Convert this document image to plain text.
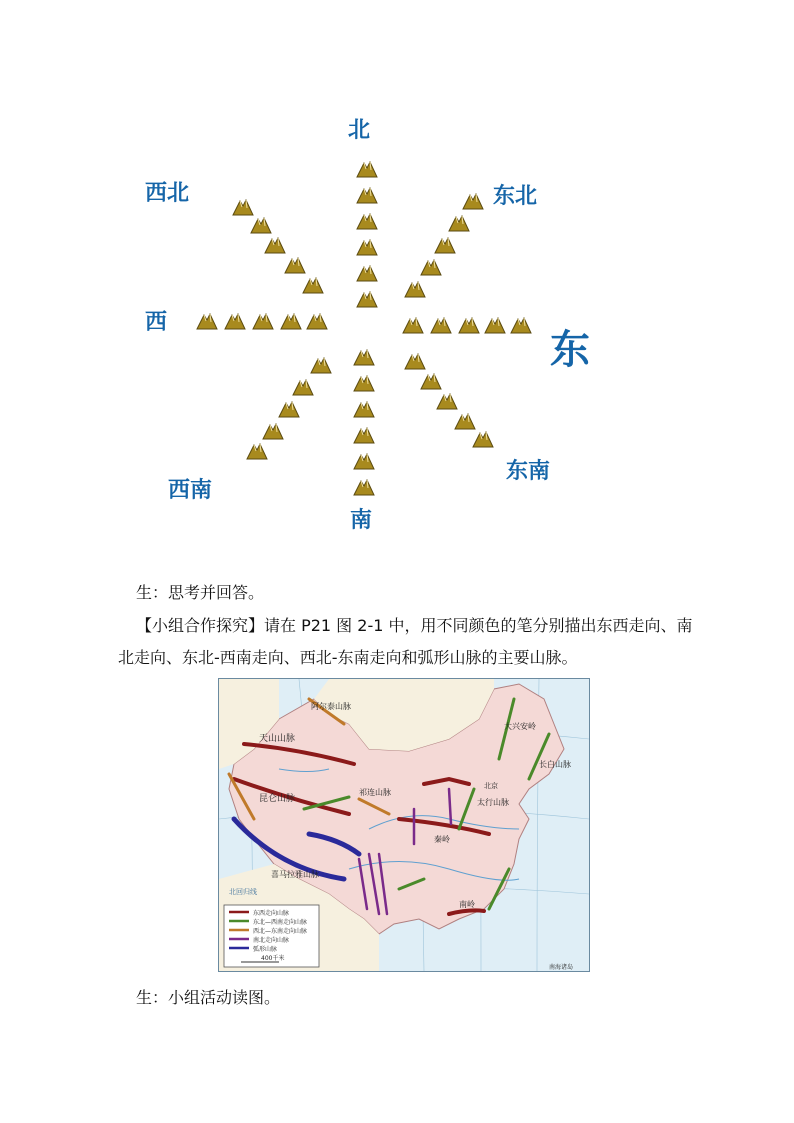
北
西北	东北
西
东
东南
西南
南
生：思考并回答。
【小组合作探究】请在 P21 图 2-1 中，用不同颜色的笔分别描出东西走向、南
北走向、东北-西南走向、西北-东南走向和弧形山脉的主要山脉。
阿尔泰山脉
天山山脉
昆仑山脉
祁连山脉
喜马拉雅山脉
秦岭
太行山脉
大兴安岭
长白山脉
南岭
北京
北回归线
南海诸岛
400千米
东西走向山脉
东北—西南走向山脉
西北—东南走向山脉
南北走向山脉
弧形山脉
生：小组活动读图。
